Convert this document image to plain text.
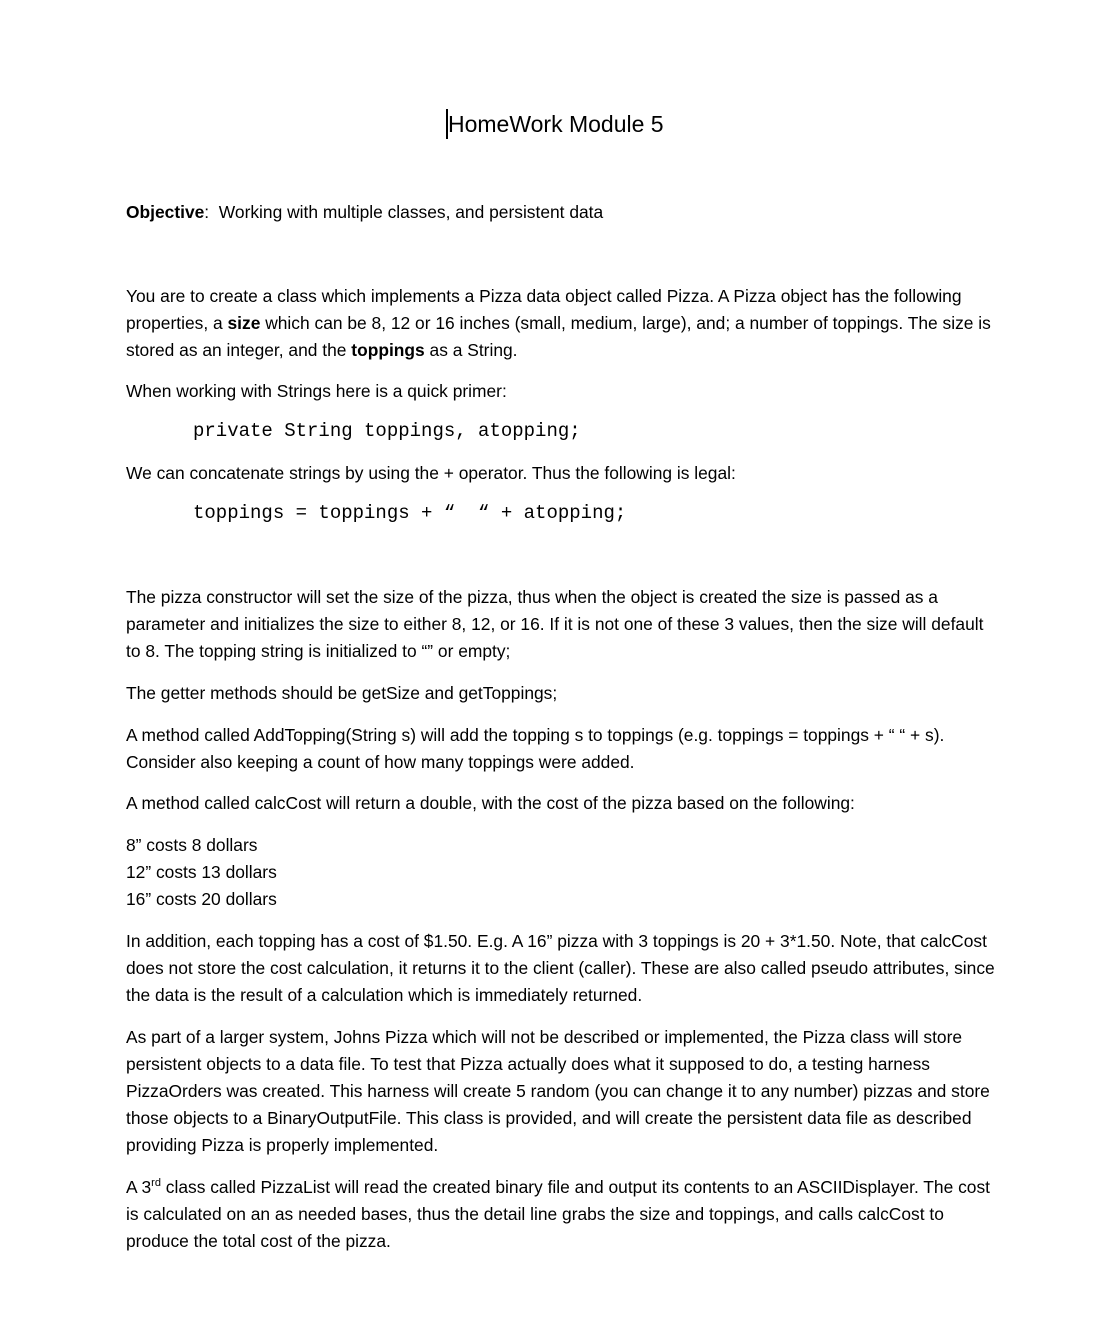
HomeWork Module 5

Objective:  Working with multiple classes, and persistent data

You are to create a class which implements a Pizza data object called Pizza. A Pizza object has the following properties, a size which can be 8, 12 or 16 inches (small, medium, large), and; a number of toppings. The size is stored as an integer, and the toppings as a String.

When working with Strings here is a quick primer:

private String toppings, atopping;

We can concatenate strings by using the + operator. Thus the following is legal:

toppings = toppings + “  “ + atopping;

The pizza constructor will set the size of the pizza, thus when the object is created the size is passed as a parameter and initializes the size to either 8, 12, or 16. If it is not one of these 3 values, then the size will default to 8. The topping string is initialized to “” or empty;

The getter methods should be getSize and getToppings;

A method called AddTopping(String s) will add the topping s to toppings (e.g. toppings = toppings + “ “ + s). Consider also keeping a count of how many toppings were added.

A method called calcCost will return a double, with the cost of the pizza based on the following:

8” costs 8 dollars
12” costs 13 dollars
16” costs 20 dollars

In addition, each topping has a cost of $1.50. E.g. A 16” pizza with 3 toppings is 20 + 3*1.50. Note, that calcCost does not store the cost calculation, it returns it to the client (caller). These are also called pseudo attributes, since the data is the result of a calculation which is immediately returned.

As part of a larger system, Johns Pizza which will not be described or implemented, the Pizza class will store persistent objects to a data file. To test that Pizza actually does what it supposed to do, a testing harness PizzaOrders was created. This harness will create 5 random (you can change it to any number) pizzas and store those objects to a BinaryOutputFile. This class is provided, and will create the persistent data file as described providing Pizza is properly implemented.

A 3rd class called PizzaList will read the created binary file and output its contents to an ASCIIDisplayer. The cost is calculated on an as needed bases, thus the detail line grabs the size and toppings, and calls calcCost to produce the total cost of the pizza.
